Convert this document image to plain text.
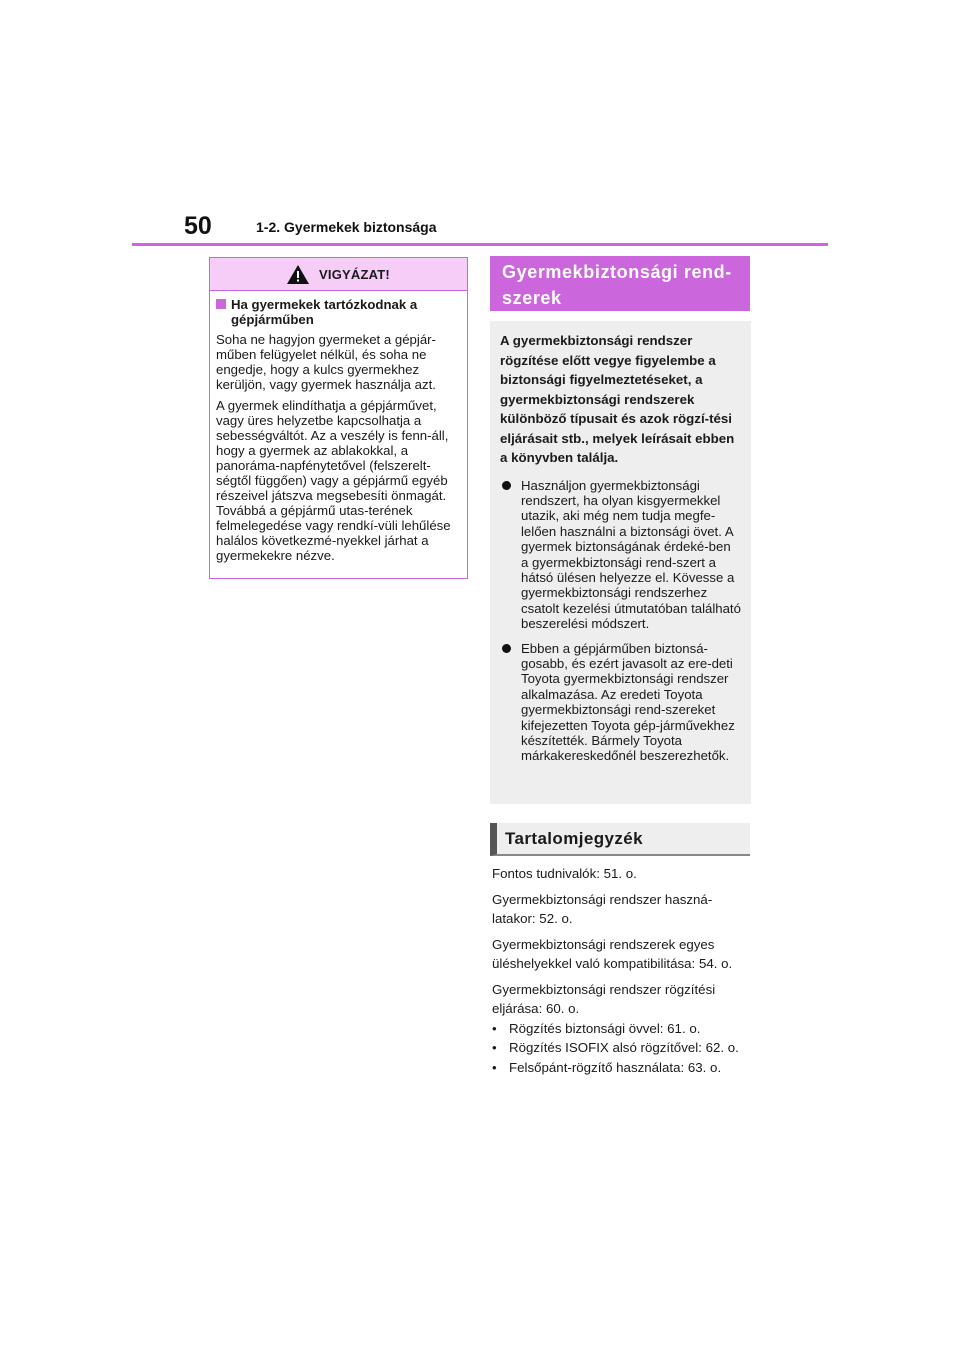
50	1-2. Gyermekek biztonsága
VIGYÁZAT!
Ha gyermekek tartózkodnak a gépjárműben

Soha ne hagyjon gyermeket a gépjár-műben felügyelet nélkül, és soha ne engedje, hogy a kulcs gyermekhez kerüljön, vagy gyermek használja azt.

A gyermek elindíthatja a gépjárművet, vagy üres helyzetbe kapcsolhatja a sebességváltót. Az a veszély is fenn-áll, hogy a gyermek az ablakokkal, a panoráma-napfénytetővel (felszerelt-ségtől függően) vagy a gépjármű egyéb részeivel játszva megsebesíti önmagát. Továbbá a gépjármű utas-terének felmelegedése vagy rendkí-vüli lehűlése halálos következmé-nyekkel járhat a gyermekekre nézve.

Gyermekbiztonsági rend-szerek

A gyermekbiztonsági rendszer rögzítése előtt vegye figyelembe a biztonsági figyelmeztetéseket, a gyermekbiztonsági rendszerek különböző típusait és azok rögzí-tési eljárásait stb., melyek leírásait ebben a könyvben találja.

Használjon gyermekbiztonsági rendszert, ha olyan kisgyermekkel utazik, aki még nem tudja megfe-lelően használni a biztonsági övet. A gyermek biztonságának érdeké-ben a gyermekbiztonsági rend-szert a hátsó ülésen helyezze el. Kövesse a gyermekbiztonsági rendszerhez csatolt kezelési útmutatóban található beszerelési módszert.
Ebben a gépjárműben biztonsá-gosabb, és ezért javasolt az ere-deti Toyota gyermekbiztonsági rendszer alkalmazása. Az eredeti Toyota gyermekbiztonsági rend-szereket kifejezetten Toyota gép-járművekhez készítették. Bármely Toyota márkakereskedőnél beszerezhetők.
Tartalomjegyzék

Fontos tudnivalók: 51. o.

Gyermekbiztonsági rendszer haszná-latakor: 52. o.

Gyermekbiztonsági rendszerek egyes üléshelyekkel való kompatibilitása: 54. o.

Gyermekbiztonsági rendszer rögzítési eljárása: 60. o.

• Rögzítés biztonsági övvel: 61. o.
• Rögzítés ISOFIX alsó rögzítővel: 62. o.
• Felsőpánt-rögzítő használata: 63. o.
